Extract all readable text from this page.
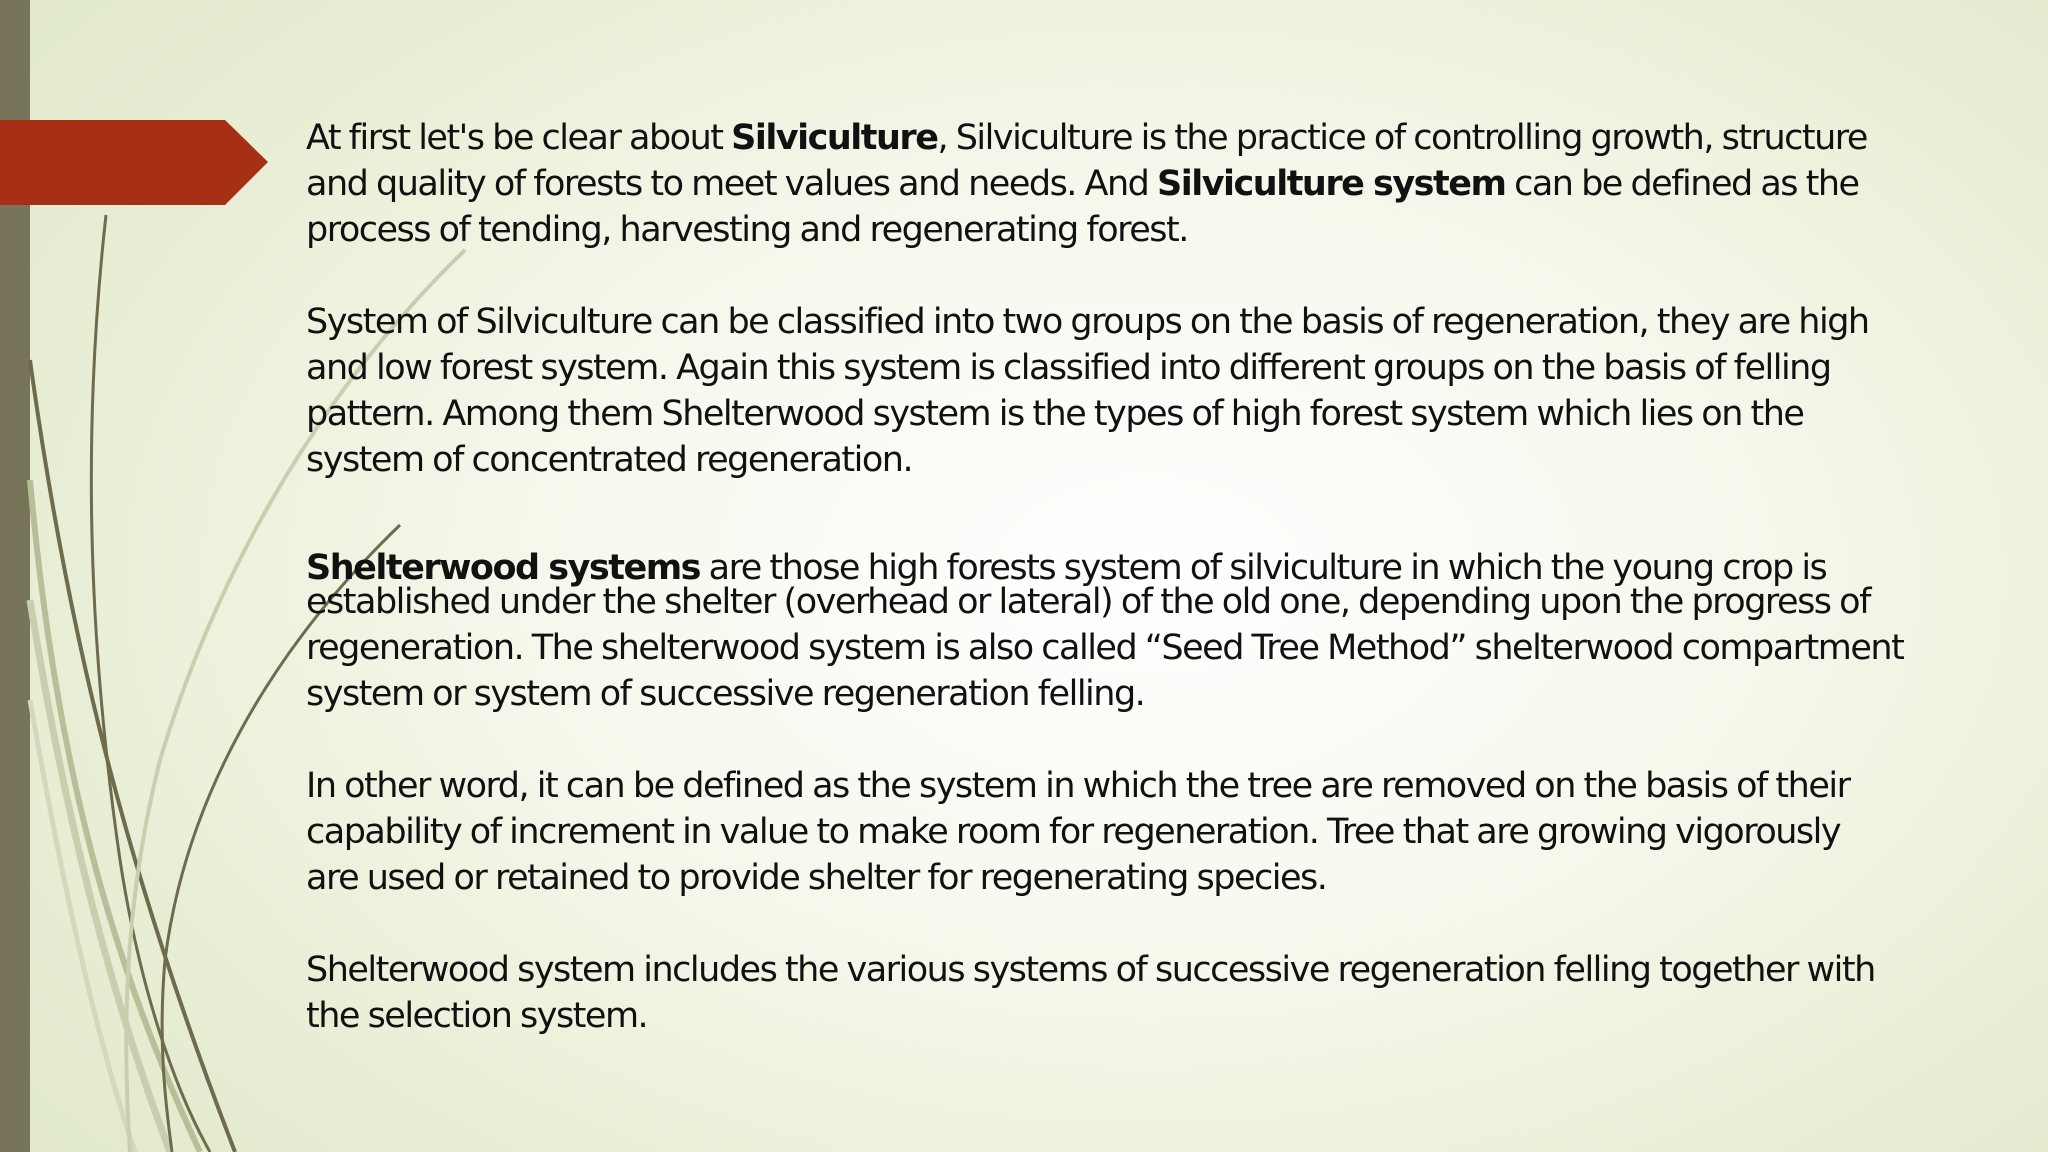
At first let's be clear about Silviculture, Silviculture is the practice of controlling growth, structure
and quality of forests to meet values and needs. And Silviculture system can be defined as the
process of tending, harvesting and regenerating forest.

System of Silviculture can be classified into two groups on the basis of regeneration, they are high
and low forest system. Again this system is classified into different groups on the basis of felling
pattern. Among them Shelterwood system is the types of high forest system which lies on the
system of concentrated regeneration.

Shelterwood systems are those high forests system of silviculture in which the young crop is
established under the shelter (overhead or lateral) of the old one, depending upon the progress of
regeneration. The shelterwood system is also called “Seed Tree Method” shelterwood compartment
system or system of successive regeneration felling.

In other word, it can be defined as the system in which the tree are removed on the basis of their
capability of increment in value to make room for regeneration. Tree that are growing vigorously
are used or retained to provide shelter for regenerating species.

Shelterwood system includes the various systems of successive regeneration felling together with
the selection system.
